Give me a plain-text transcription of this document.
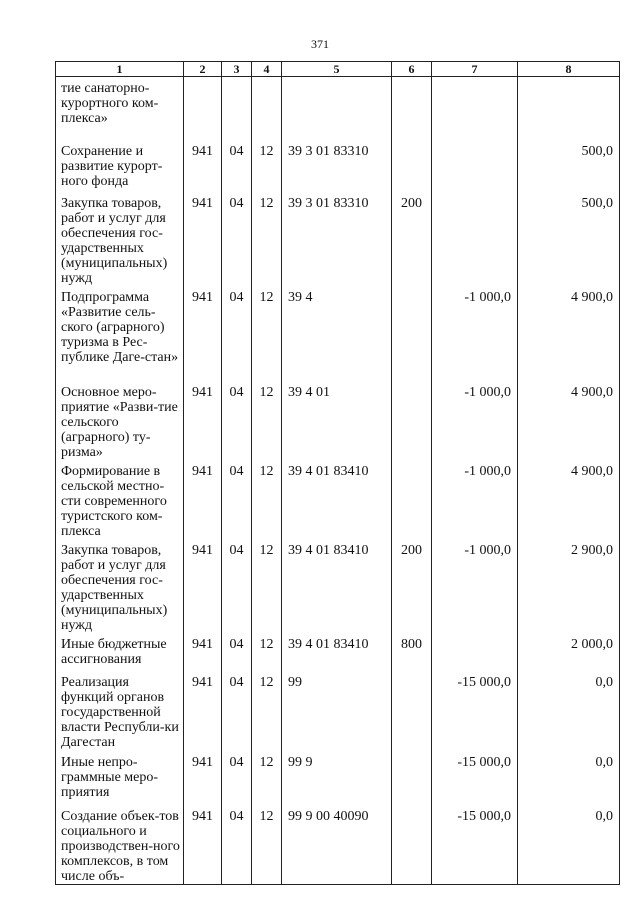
371
1	2	3	4	5	6	7	8
тие санаторно-курортного ком-плекса»							
Сохранение и развитие курорт-ного фонда	941	04	12	39 3 01 83310			500,0
Закупка товаров, работ и услуг для обеспечения гос-ударственных (муниципальных) нужд	941	04	12	39 3 01 83310	200		500,0
Подпрограмма «Развитие сель-ского (аграрного) туризма в Рес-публике Даге-стан»	941	04	12	39 4		-1 000,0	4 900,0
Основное меро-приятие «Разви-тие сельского (аграрного) ту-ризма»	941	04	12	39 4 01		-1 000,0	4 900,0
Формирование в сельской местно-сти современного туристского ком-плекса	941	04	12	39 4 01 83410		-1 000,0	4 900,0
Закупка товаров, работ и услуг для обеспечения гос-ударственных (муниципальных) нужд	941	04	12	39 4 01 83410	200	-1 000,0	2 900,0
Иные бюджетные ассигнования	941	04	12	39 4 01 83410	800		2 000,0
Реализация функций органов государственной власти Республи-ки Дагестан	941	04	12	99		-15 000,0	0,0
Иные непро-граммные меро-приятия	941	04	12	99 9		-15 000,0	0,0
Создание объек-тов социального и производствен-ного комплексов, в том числе объ-	941	04	12	99 9 00 40090		-15 000,0	0,0
